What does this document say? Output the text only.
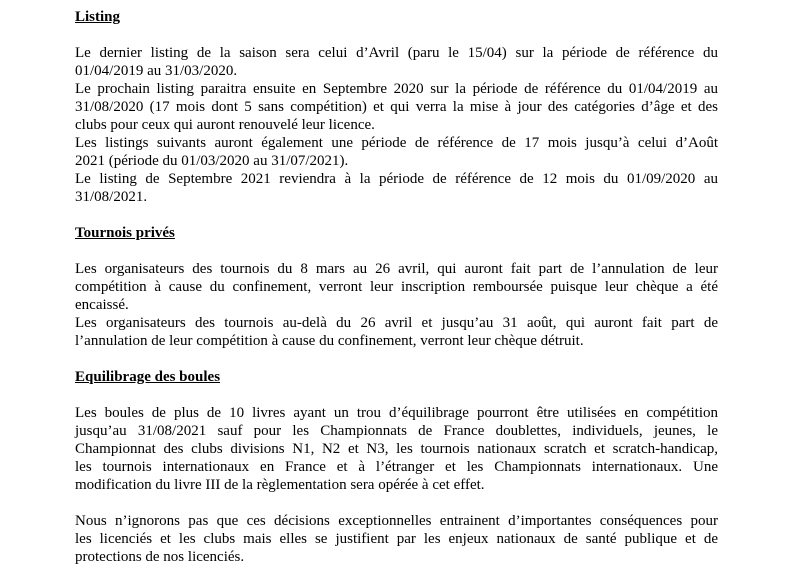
Listing

Le dernier listing de la saison sera celui d’Avril (paru le 15/04) sur la période de référence du
01/04/2019 au 31/03/2020.

Le prochain listing paraitra ensuite en Septembre 2020 sur la période de référence du 01/04/2019 au
31/08/2020 (17 mois dont 5 sans compétition) et qui verra la mise à jour des catégories d’âge et des
clubs pour ceux qui auront renouvelé leur licence.

Les listings suivants auront également une période de référence de 17 mois jusqu’à celui d’Août
2021 (période du 01/03/2020 au 31/07/2021).

Le listing de Septembre 2021 reviendra à la période de référence de 12 mois du 01/09/2020 au
31/08/2021.

Tournois privés

Les organisateurs des tournois du 8 mars au 26 avril, qui auront fait part de l’annulation de leur
compétition à cause du confinement, verront leur inscription remboursée puisque leur chèque a été
encaissé.

Les organisateurs des tournois au-delà du 26 avril et jusqu’au 31 août, qui auront fait part de
l’annulation de leur compétition à cause du confinement, verront leur chèque détruit.

Equilibrage des boules

Les boules de plus de 10 livres ayant un trou d’équilibrage pourront être utilisées en compétition
jusqu’au 31/08/2021 sauf pour les Championnats de France doublettes, individuels, jeunes, le
Championnat des clubs divisions N1, N2 et N3, les tournois nationaux scratch et scratch-handicap,
les tournois internationaux en France et à l’étranger et les Championnats internationaux. Une
modification du livre III de la règlementation sera opérée à cet effet.

Nous n’ignorons pas que ces décisions exceptionnelles entrainent d’importantes conséquences pour
les licenciés et les clubs mais elles se justifient par les enjeux nationaux de santé publique et de
protections de nos licenciés.
